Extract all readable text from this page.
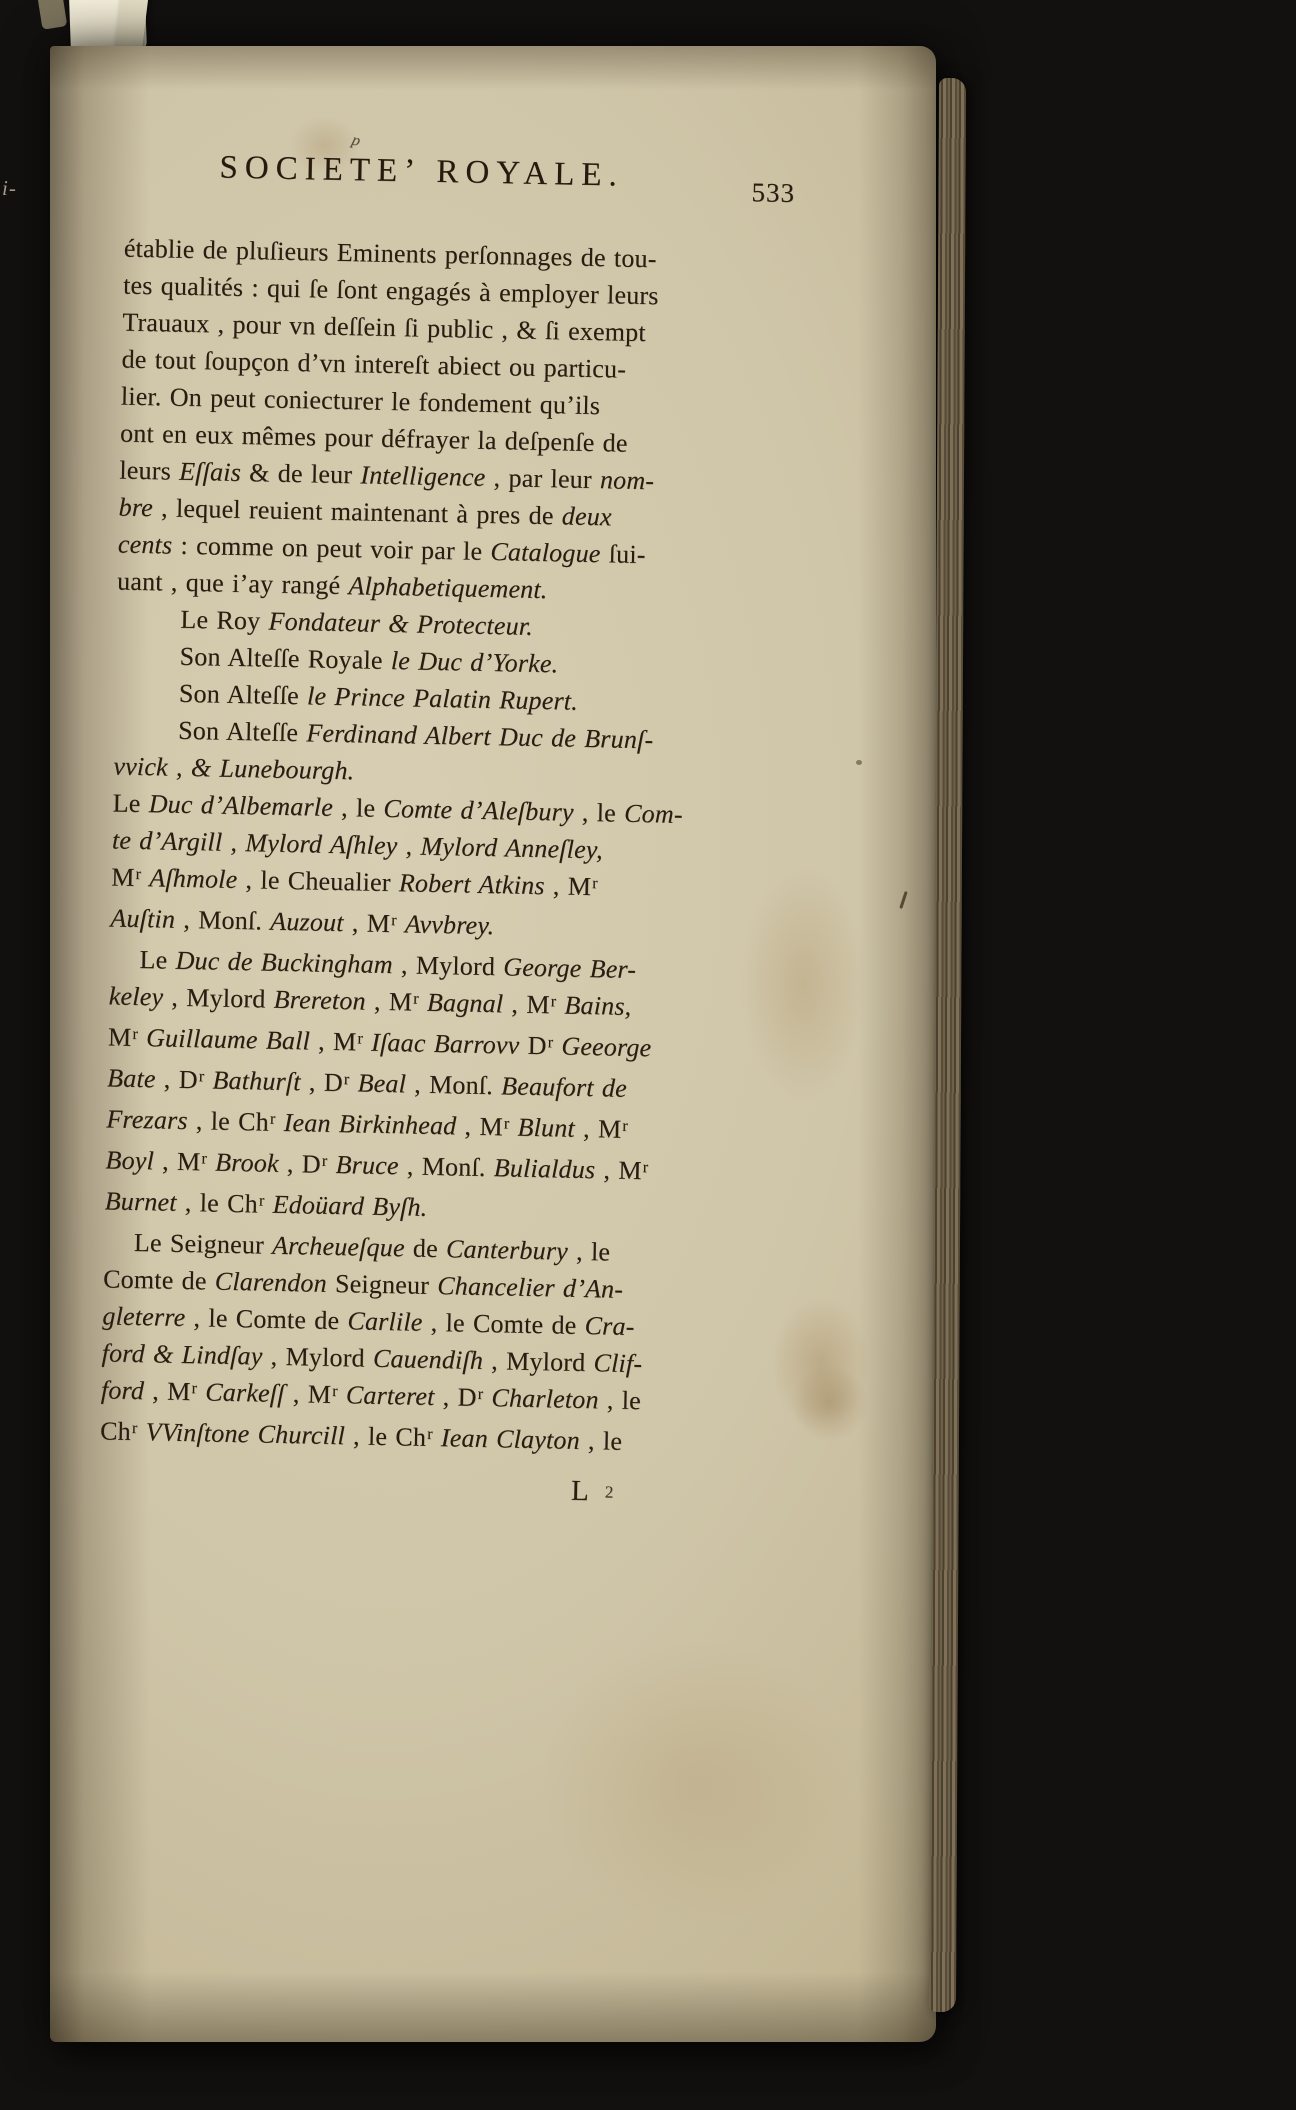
i-
p
SOCIETE’ ROYALE.	533
établie de pluſieurs Eminents perſonnages de tou-
tes qualités : qui ſe ſont engagés à employer leurs
Trauaux , pour vn deſſein ſi public , & ſi exempt
de tout ſoupçon d’vn intereſt abiect ou particu-
lier. On peut coniecturer le fondement qu’ils
ont en eux mêmes pour défrayer la deſpenſe de
leurs Eſſais & de leur Intelligence , par leur nom-
bre , lequel reuient maintenant à pres de deux
cents : comme on peut voir par le Catalogue ſui-
uant , que i’ay rangé Alphabetiquement.
Le Roy Fondateur & Protecteur.
Son Alteſſe Royale le Duc d’Yorke.
Son Alteſſe le Prince Palatin Rupert.
Son Alteſſe Ferdinand Albert Duc de Brunſ-
vvick , & Lunebourgh.
Le Duc d’Albemarle , le Comte d’Aleſbury , le Com-
te d’Argill , Mylord Aſhley , Mylord Anneſley,
$M^r$ Aſhmole , le Cheualier Robert Atkins , $M^r$
Auſtin , Monſ. Auzout , $M^r$ Avvbrey.
Le Duc de Buckingham , Mylord George Ber-
keley , Mylord Brereton , $M^r$ Bagnal , $M^r$ Bains,
$M^r$ Guillaume Ball , $M^r$ Iſaac Barrovv $D^r$ Geeorge
Bate , $D^r$ Bathurſt , $D^r$ Beal , Monſ. Beaufort de
Frezars , le Ch$^r$ Iean Birkinhead , $M^r$ Blunt , $M^r$
Boyl , $M^r$ Brook , $D^r$ Bruce , Monſ. Bulialdus , $M^r$
Burnet , le Ch$^r$ Edoüard Byſh.
Le Seigneur Archeueſque de Canterbury , le
Comte de Clarendon Seigneur Chancelier d’An-
gleterre , le Comte de Carlile , le Comte de Cra-
ford & Lindſay , Mylord Cauendiſh , Mylord Clif-
ford , $M^r$ Carkeſſ , $M^r$ Carteret , $D^r$ Charleton , le
Ch$^r$ VVinſtone Churcill , le Ch$^r$ Iean Clayton , le
L 2
